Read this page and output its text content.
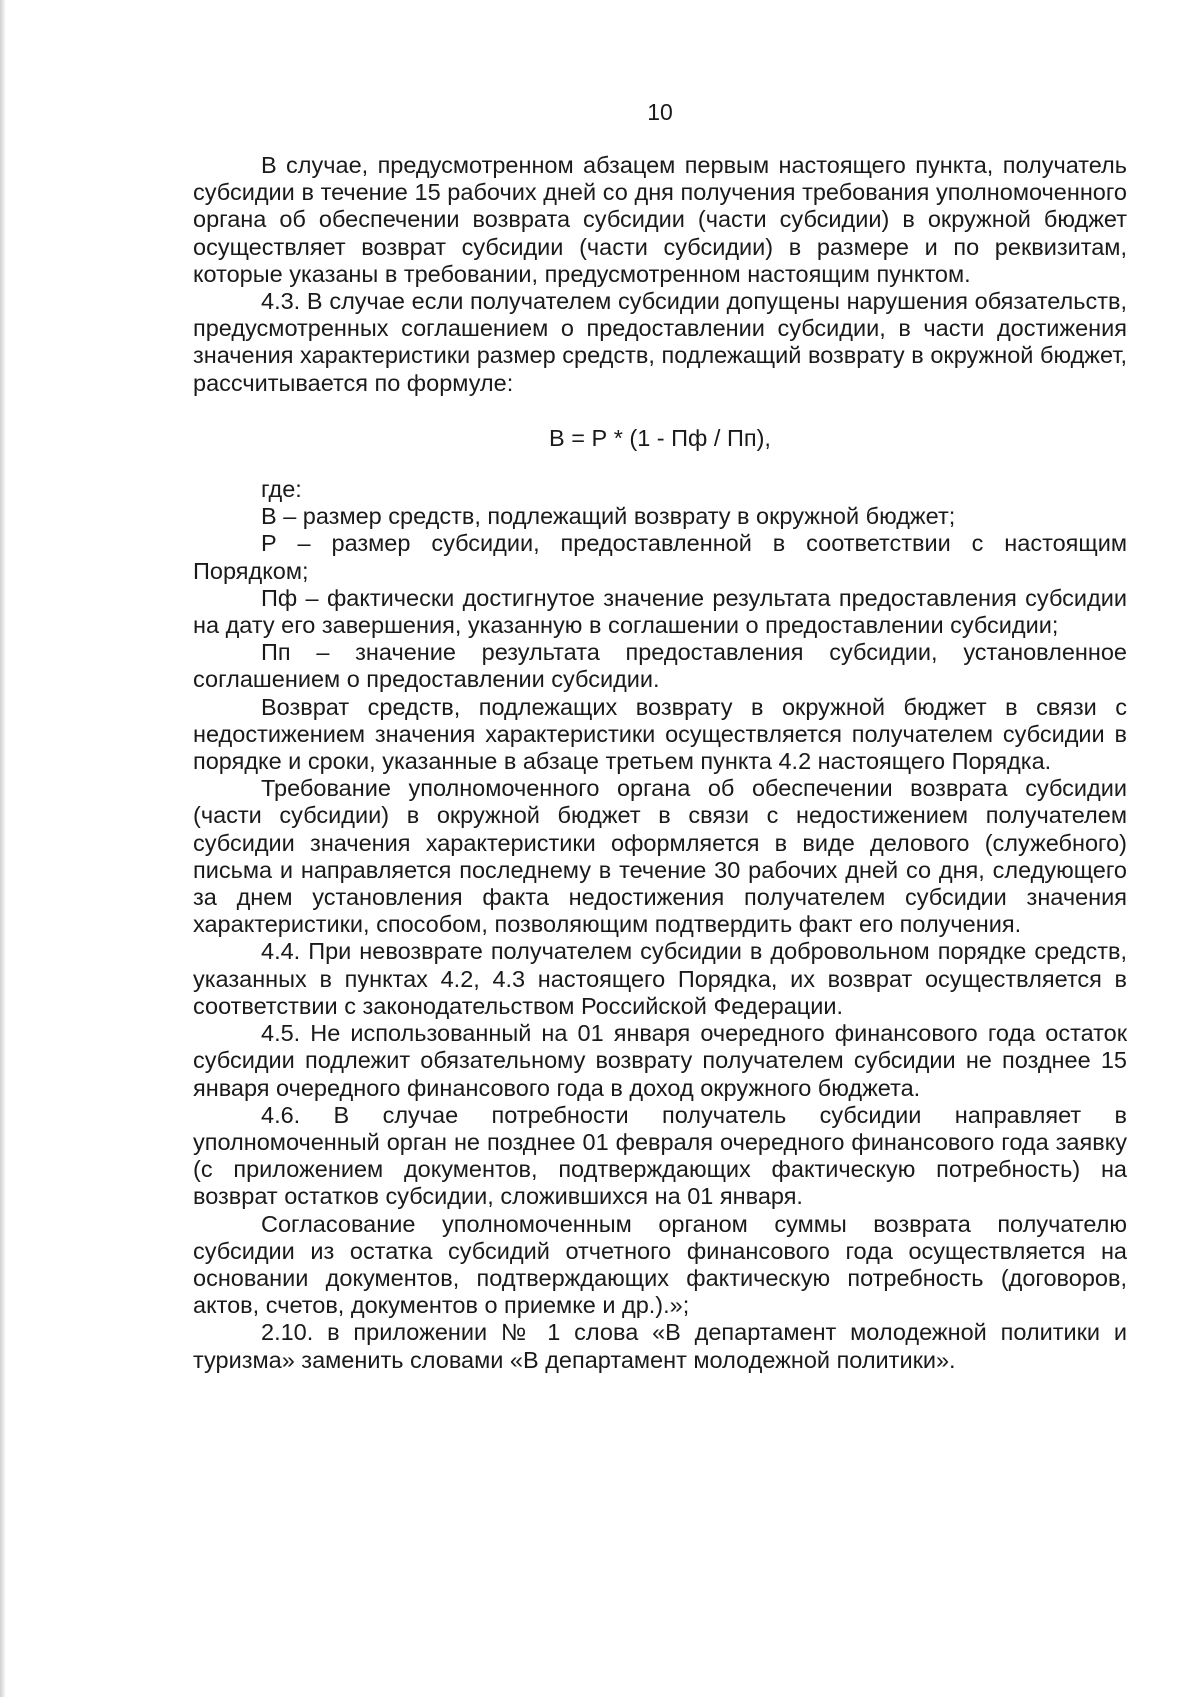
10

В случае, предусмотренном абзацем первым настоящего пункта, получатель субсидии в течение 15 рабочих дней со дня получения требования уполномоченного органа об обеспечении возврата субсидии (части субсидии) в окружной бюджет осуществляет возврат субсидии (части субсидии) в размере и по реквизитам, которые указаны в требовании, предусмотренном настоящим пунктом.

4.3. В случае если получателем субсидии допущены нарушения обязательств, предусмотренных соглашением о предоставлении субсидии, в части достижения значения характеристики размер средств, подлежащий возврату в окружной бюджет, рассчитывается по формуле:

В = Р * (1 - Пф / Пп),

где:

В – размер средств, подлежащий возврату в окружной бюджет;

Р – размер субсидии, предоставленной в соответствии с настоящим Порядком;

Пф – фактически достигнутое значение результата предоставления субсидии на дату его завершения, указанную в соглашении о предоставлении субсидии;

Пп – значение результата предоставления субсидии, установленное соглашением о предоставлении субсидии.

Возврат средств, подлежащих возврату в окружной бюджет в связи с недостижением значения характеристики осуществляется получателем субсидии в порядке и сроки, указанные в абзаце третьем пункта 4.2 настоящего Порядка.

Требование уполномоченного органа об обеспечении возврата субсидии (части субсидии) в окружной бюджет в связи с недостижением получателем субсидии значения характеристики оформляется в виде делового (служебного) письма и направляется последнему в течение 30 рабочих дней со дня, следующего за днем установления факта недостижения получателем субсидии значения характеристики, способом, позволяющим подтвердить факт его получения.

4.4. При невозврате получателем субсидии в добровольном порядке средств, указанных в пунктах 4.2, 4.3 настоящего Порядка, их возврат осуществляется в соответствии с законодательством Российской Федерации.

4.5. Не использованный на 01 января очередного финансового года остаток субсидии подлежит обязательному возврату получателем субсидии не позднее 15 января очередного финансового года в доход окружного бюджета.

4.6. В случае потребности получатель субсидии направляет в уполномоченный орган не позднее 01 февраля очередного финансового года заявку (с приложением документов, подтверждающих фактическую потребность) на возврат остатков субсидии, сложившихся на 01 января.

Согласование уполномоченным органом суммы возврата получателю субсидии из остатка субсидий отчетного финансового года осуществляется на основании документов, подтверждающих фактическую потребность (договоров, актов, счетов, документов о приемке и др.).»;

2.10. в приложении № 1 слова «В департамент молодежной политики и туризма» заменить словами «В департамент молодежной политики».
